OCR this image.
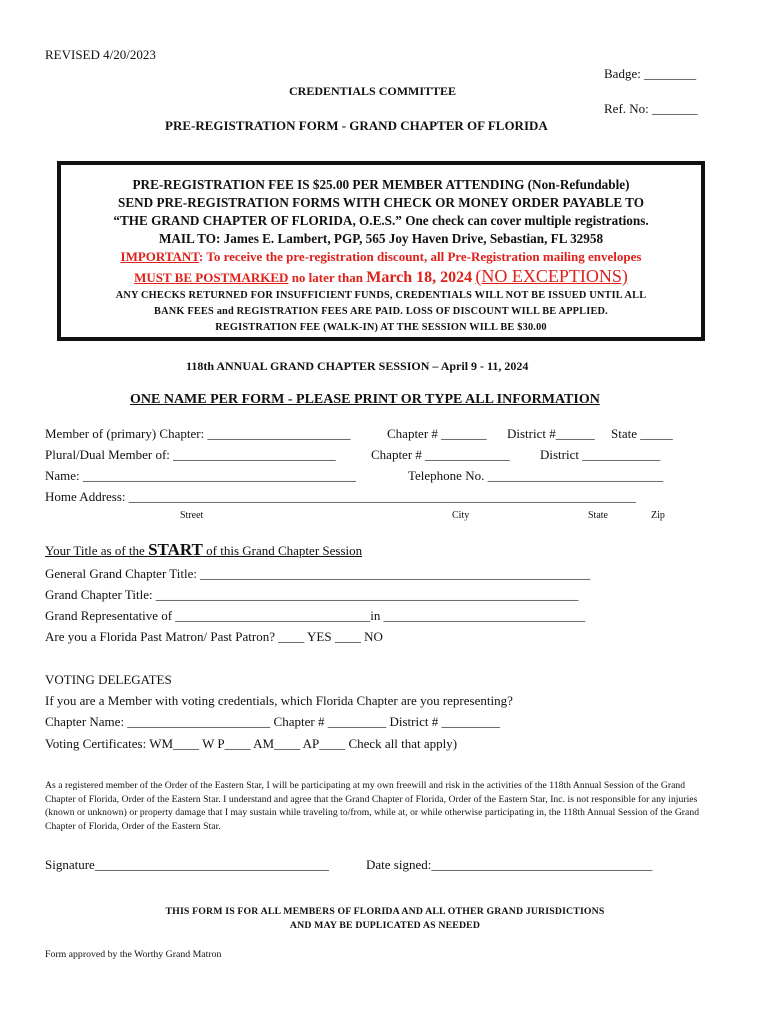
REVISED 4/20/2023
Badge: ________
CREDENTIALS COMMITTEE
Ref. No: _______
PRE-REGISTRATION FORM - GRAND CHAPTER OF FLORIDA
PRE-REGISTRATION FEE IS $25.00 PER MEMBER ATTENDING (Non-Refundable)
SEND PRE-REGISTRATION FORMS WITH CHECK OR MONEY ORDER PAYABLE TO
“THE GRAND CHAPTER OF FLORIDA, O.E.S.” One check can cover multiple registrations.
MAIL TO: James E. Lambert, PGP, 565 Joy Haven Drive, Sebastian, FL 32958
IMPORTANT: To receive the pre-registration discount, all Pre-Registration mailing envelopes
MUST BE POSTMARKED no later than March 18, 2024 (NO EXCEPTIONS)
ANY CHECKS RETURNED FOR INSUFFICIENT FUNDS, CREDENTIALS WILL NOT BE ISSUED UNTIL ALL
BANK FEES and REGISTRATION FEES ARE PAID. LOSS OF DISCOUNT WILL BE APPLIED.
REGISTRATION FEE (WALK-IN) AT THE SESSION WILL BE $30.00
118th ANNUAL GRAND CHAPTER SESSION – April 9 - 11, 2024
ONE NAME PER FORM - PLEASE PRINT OR TYPE ALL INFORMATION
Member of (primary) Chapter: ______________________	Chapter # _______ District #______ State _____
Plural/Dual Member of: _________________________	Chapter # _____________ District ____________
Name: __________________________________________	Telephone No. ___________________________
Home Address: ______________________________________________________________________________
Street	City	State	Zip
Your Title as of the START of this Grand Chapter Session
General Grand Chapter Title: ____________________________________________________________
Grand Chapter Title: _________________________________________________________________
Grand Representative of ______________________________in _______________________________
Are you a Florida Past Matron/ Past Patron? ____ YES ____ NO
VOTING DELEGATES
If you are a Member with voting credentials, which Florida Chapter are you representing?
Chapter Name: ______________________ Chapter # _________ District # _________
Voting Certificates: WM____ W P____ AM____ AP____ Check all that apply)
As a registered member of the Order of the Eastern Star, I will be participating at my own freewill and risk in the activities of the 118th Annual Session of the Grand Chapter of Florida, Order of the Eastern Star. I understand and agree that the Grand Chapter of Florida, Order of the Eastern Star, Inc. is not responsible for any injuries (known or unknown) or property damage that I may sustain while traveling to/from, while at, or while otherwise participating in, the 118th Annual Session of the Grand Chapter of Florida, Order of the Eastern Star.
Signature____________________________________	Date signed:__________________________________
THIS FORM IS FOR ALL MEMBERS OF FLORIDA AND ALL OTHER GRAND JURISDICTIONS
AND MAY BE DUPLICATED AS NEEDED
Form approved by the Worthy Grand Matron
